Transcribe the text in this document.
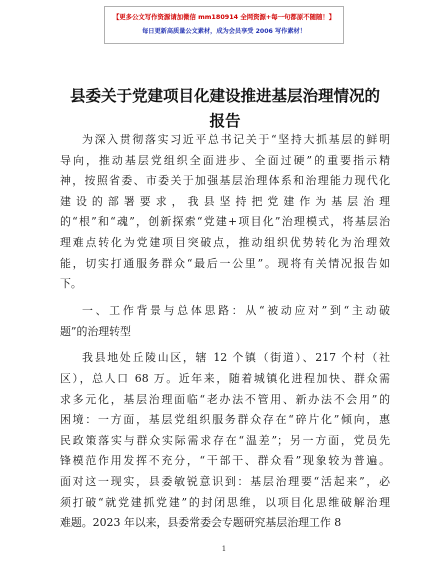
【更多公文写作资源请加微信 mm180914 全网资源+每一句都原不随随！】
每日更新高质量公文素材，成为会员享受 2006 写作素材！
县委关于党建项目化建设推进基层治理情况的
报告
为深入贯彻落实习近平总书记关于“坚持大抓基层的鲜明
导向，推动基层党组织全面进步、全面过硬”的重要指示精
神，按照省委、市委关于加强基层治理体系和治理能力现代化
建设的部署要求，我县坚持把党建作为基层治理
的“根”和“魂”，创新探索“党建+项目化”治理模式，将基层治
理难点转化为党建项目突破点，推动组织优势转化为治理效
能，切实打通服务群众“最后一公里”。现将有关情况报告如
下。
一、工作背景与总体思路：从“被动应对”到“主动破
题”的治理转型
我县地处丘陵山区，辖 12 个镇（街道）、217 个村（社
区），总人口 68 万。近年来，随着城镇化进程加快、群众需
求多元化，基层治理面临“老办法不管用、新办法不会用”的
困境：一方面，基层党组织服务群众存在“碎片化”倾向，惠
民政策落实与群众实际需求存在“温差”；另一方面，党员先
锋模范作用发挥不充分，“干部干、群众看”现象较为普遍。
面对这一现实，县委敏锐意识到：基层治理要“活起来”，必
须打破“就党建抓党建”的封闭思维，以项目化思维破解治理
难题。2023 年以来，县委常委会专题研究基层治理工作 8
1
